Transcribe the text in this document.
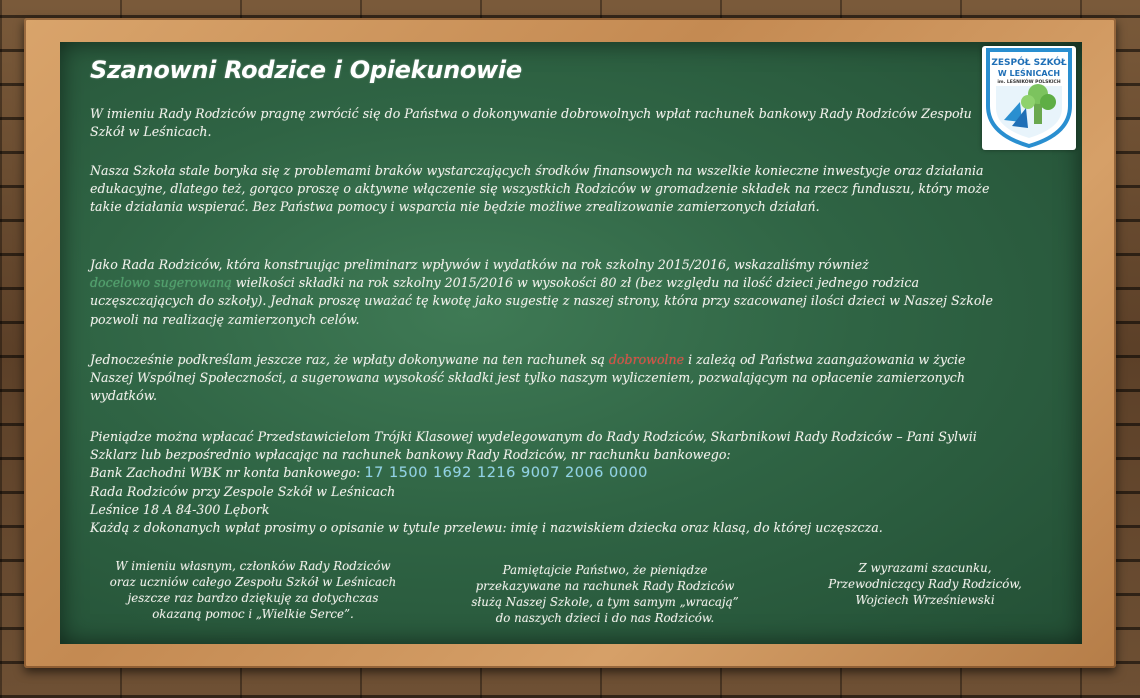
Szanowni Rodzice i Opiekunowie	ZESPÓŁ SZKÓŁ
W LEŚNICACH
im. LEŚNIKÓW POLSKICH

W imieniu Rady Rodziców pragnę zwrócić się do Państwa o dokonywanie dobrowolnych wpłat rachunek bankowy Rady Rodziców Zespołu Szkół w Leśnicach.

Nasza Szkoła stale boryka się z problemami braków wystarczających środków finansowych na wszelkie konieczne inwestycje oraz działania edukacyjne, dlatego też, gorąco proszę o aktywne włączenie się wszystkich Rodziców w gromadzenie składek na rzecz funduszu, który może takie działania wspierać. Bez Państwa pomocy i wsparcia nie będzie możliwe zrealizowanie zamierzonych działań.

Jako Rada Rodziców, która konstruując preliminarz wpływów i wydatków na rok szkolny 2015/2016, wskazaliśmy również
docelowo sugerowaną wielkości składki na rok szkolny 2015/2016 w wysokości 80 zł (bez względu na ilość dzieci jednego rodzica uczęszczających do szkoły). Jednak proszę uważać tę kwotę jako sugestię z naszej strony, która przy szacowanej ilości dzieci w Naszej Szkole pozwoli na realizację zamierzonych celów.

Jednocześnie podkreślam jeszcze raz, że wpłaty dokonywane na ten rachunek są dobrowolne i zależą od Państwa zaangażowania w życie Naszej Wspólnej Społeczności, a sugerowana wysokość składki jest tylko naszym wyliczeniem, pozwalającym na opłacenie zamierzonych wydatków.

Pieniądze można wpłacać Przedstawicielom Trójki Klasowej wydelegowanym do Rady Rodziców, Skarbnikowi Rady Rodziców – Pani Sylwii Szklarz lub bezpośrednio wpłacając na rachunek bankowy Rady Rodziców, nr rachunku bankowego:
Bank Zachodni WBK nr konta bankowego: 17 1500 1692 1216 9007 2006 0000
Rada Rodziców przy Zespole Szkół w Leśnicach
Leśnice 18 A 84-300 Lębork
Każdą z dokonanych wpłat prosimy o opisanie w tytule przelewu: imię i nazwiskiem dziecka oraz klasą, do której uczęszcza.

W imieniu własnym, członków Rady Rodziców
oraz uczniów całego Zespołu Szkół w Leśnicach
jeszcze raz bardzo dziękuję za dotychczas
okazaną pomoc i „Wielkie Serce”.
Pamiętajcie Państwo, że pieniądze
przekazywane na rachunek Rady Rodziców
służą Naszej Szkole, a tym samym „wracają”
do naszych dzieci i do nas Rodziców.
Z wyrazami szacunku,
Przewodniczący Rady Rodziców,
Wojciech Wrześniewski
